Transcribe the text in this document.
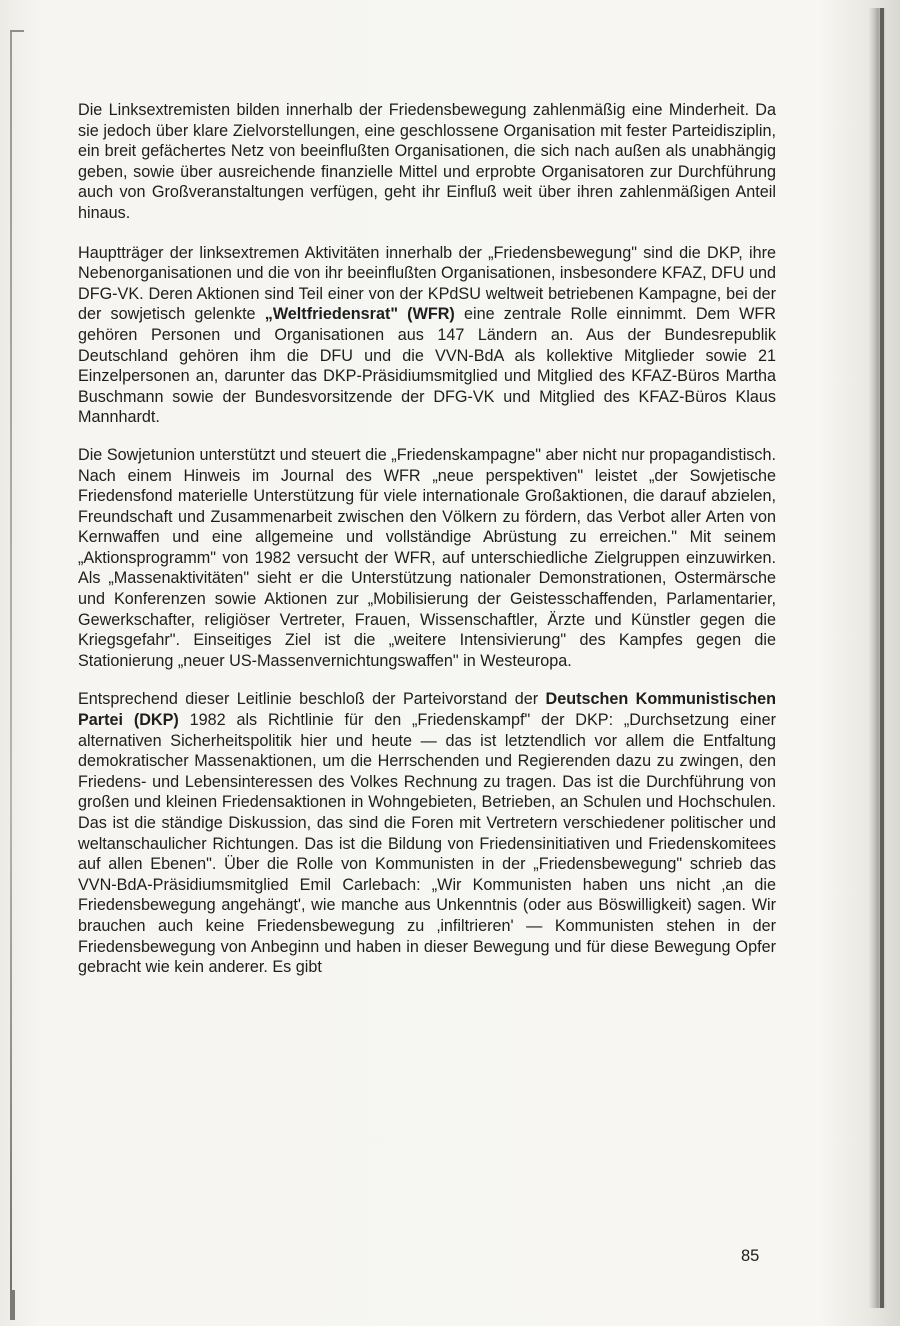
Die Linksextremisten bilden innerhalb der Friedensbewegung zahlenmäßig eine Minderheit. Da sie jedoch über klare Zielvorstellungen, eine geschlossene Organisation mit fester Parteidisziplin, ein breit gefächertes Netz von beeinflußten Organisationen, die sich nach außen als unabhängig geben, sowie über ausreichende finanzielle Mittel und erprobte Organisatoren zur Durchführung auch von Großveranstaltungen verfügen, geht ihr Einfluß weit über ihren zahlenmäßigen Anteil hinaus.

Hauptträger der linksextremen Aktivitäten innerhalb der „Friedensbewegung" sind die DKP, ihre Nebenorganisationen und die von ihr beeinflußten Organisationen, insbesondere KFAZ, DFU und DFG-VK. Deren Aktionen sind Teil einer von der KPdSU weltweit betriebenen Kampagne, bei der der sowjetisch gelenkte „Weltfriedensrat" (WFR) eine zentrale Rolle einnimmt. Dem WFR gehören Personen und Organisationen aus 147 Ländern an. Aus der Bundesrepublik Deutschland gehören ihm die DFU und die VVN-BdA als kollektive Mitglieder sowie 21 Einzelpersonen an, darunter das DKP-Präsidiumsmitglied und Mitglied des KFAZ-Büros Martha Buschmann sowie der Bundesvorsitzende der DFG-VK und Mitglied des KFAZ-Büros Klaus Mannhardt.

Die Sowjetunion unterstützt und steuert die „Friedenskampagne" aber nicht nur propagandistisch. Nach einem Hinweis im Journal des WFR „neue perspektiven" leistet „der Sowjetische Friedensfond materielle Unterstützung für viele internationale Großaktionen, die darauf abzielen, Freundschaft und Zusammenarbeit zwischen den Völkern zu fördern, das Verbot aller Arten von Kernwaffen und eine allgemeine und vollständige Abrüstung zu erreichen." Mit seinem „Aktionsprogramm" von 1982 versucht der WFR, auf unterschiedliche Zielgruppen einzuwirken. Als „Massenaktivitäten" sieht er die Unterstützung nationaler Demonstrationen, Ostermärsche und Konferenzen sowie Aktionen zur „Mobilisierung der Geistesschaffenden, Parlamentarier, Gewerkschafter, religiöser Vertreter, Frauen, Wissenschaftler, Ärzte und Künstler gegen die Kriegsgefahr". Einseitiges Ziel ist die „weitere Intensivierung" des Kampfes gegen die Stationierung „neuer US-Massenvernichtungswaffen" in Westeuropa.

Entsprechend dieser Leitlinie beschloß der Parteivorstand der Deutschen Kommunistischen Partei (DKP) 1982 als Richtlinie für den „Friedenskampf" der DKP: „Durchsetzung einer alternativen Sicherheitspolitik hier und heute — das ist letztendlich vor allem die Entfaltung demokratischer Massenaktionen, um die Herrschenden und Regierenden dazu zu zwingen, den Friedens- und Lebensinteressen des Volkes Rechnung zu tragen. Das ist die Durchführung von großen und kleinen Friedensaktionen in Wohngebieten, Betrieben, an Schulen und Hochschulen. Das ist die ständige Diskussion, das sind die Foren mit Vertretern verschiedener politischer und weltanschaulicher Richtungen. Das ist die Bildung von Friedensinitiativen und Friedenskomitees auf allen Ebenen". Über die Rolle von Kommunisten in der „Friedensbewegung" schrieb das VVN-BdA-Präsidiumsmitglied Emil Carlebach: „Wir Kommunisten haben uns nicht ‚an die Friedensbewegung angehängt', wie manche aus Unkenntnis (oder aus Böswilligkeit) sagen. Wir brauchen auch keine Friedensbewegung zu ‚infiltrieren' — Kommunisten stehen in der Friedensbewegung von Anbeginn und haben in dieser Bewegung und für diese Bewegung Opfer gebracht wie kein anderer. Es gibt

85
